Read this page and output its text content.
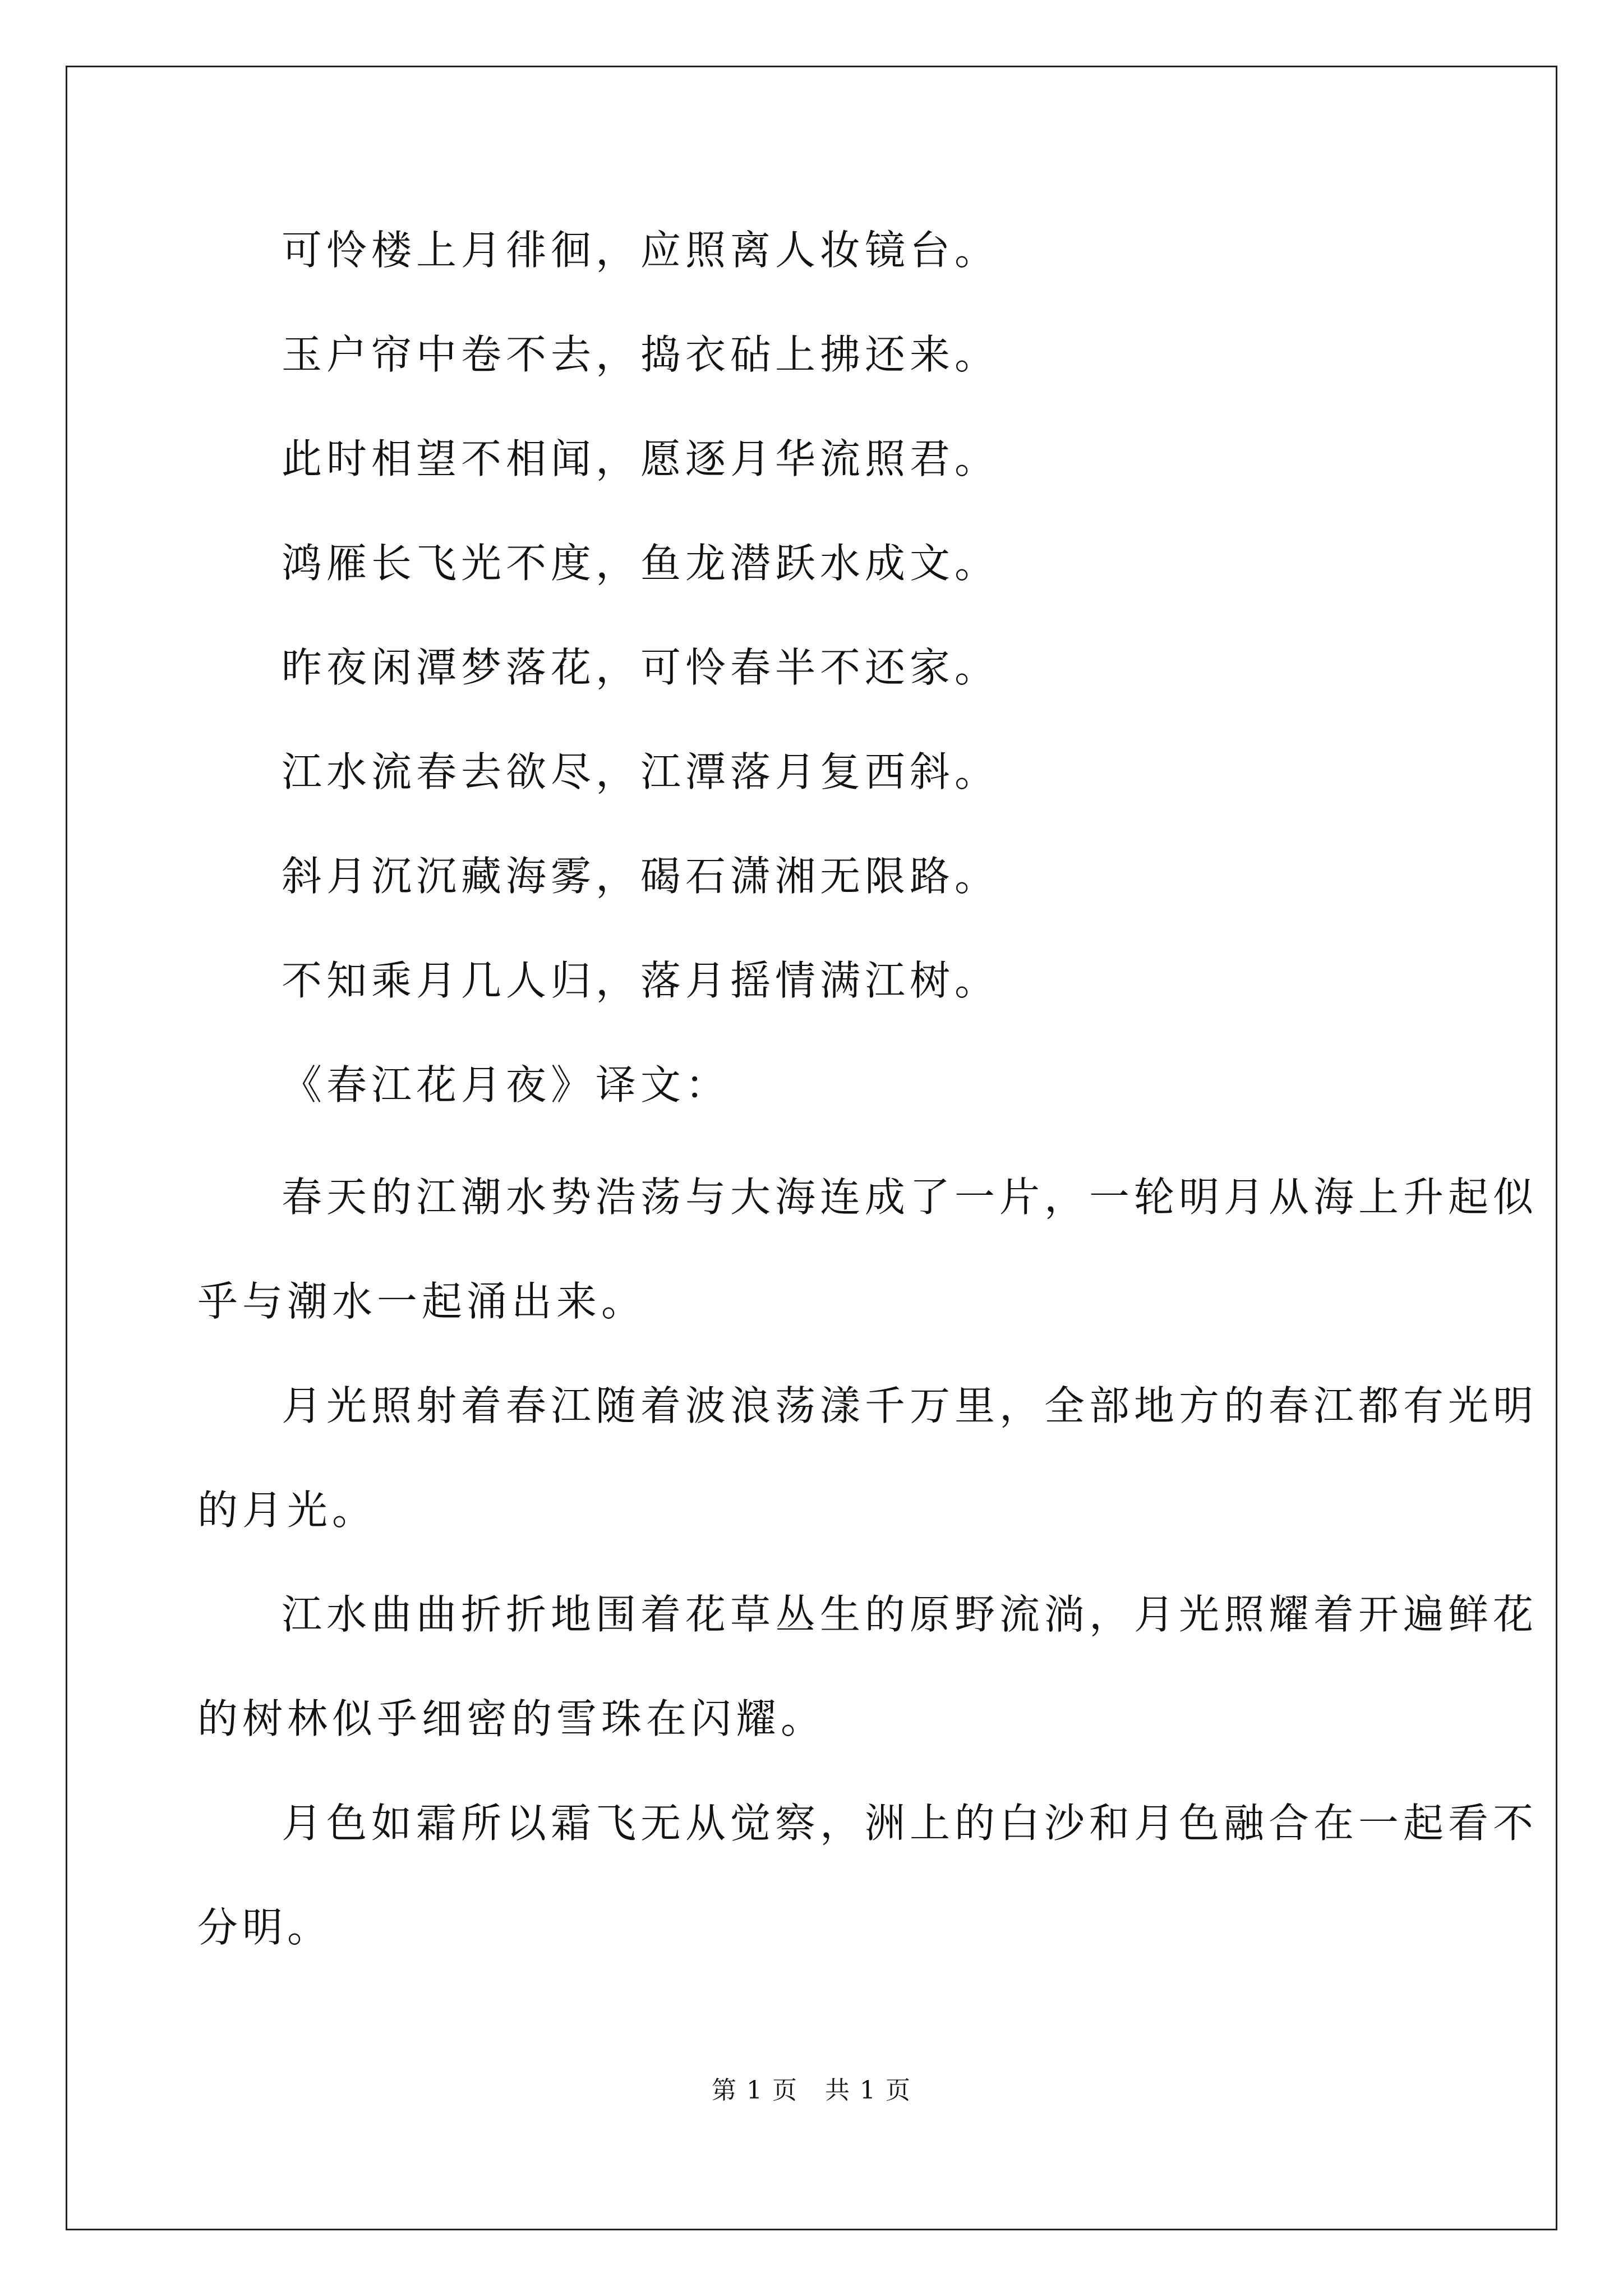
可怜楼上月徘徊，应照离人妆镜台。

玉户帘中卷不去，捣衣砧上拂还来。

此时相望不相闻，愿逐月华流照君。

鸿雁长飞光不度，鱼龙潜跃水成文。

昨夜闲潭梦落花，可怜春半不还家。

江水流春去欲尽，江潭落月复西斜。

斜月沉沉藏海雾，碣石潇湘无限路。

不知乘月几人归，落月摇情满江树。

《春江花月夜》译文：

春天的江潮水势浩荡与大海连成了一片，一轮明月从海上升起似

乎与潮水一起涌出来。

月光照射着春江随着波浪荡漾千万里，全部地方的春江都有光明

的月光。

江水曲曲折折地围着花草丛生的原野流淌，月光照耀着开遍鲜花

的树林似乎细密的雪珠在闪耀。

月色如霜所以霜飞无从觉察，洲上的白沙和月色融合在一起看不

分明。

第 1 页 共 1 页
